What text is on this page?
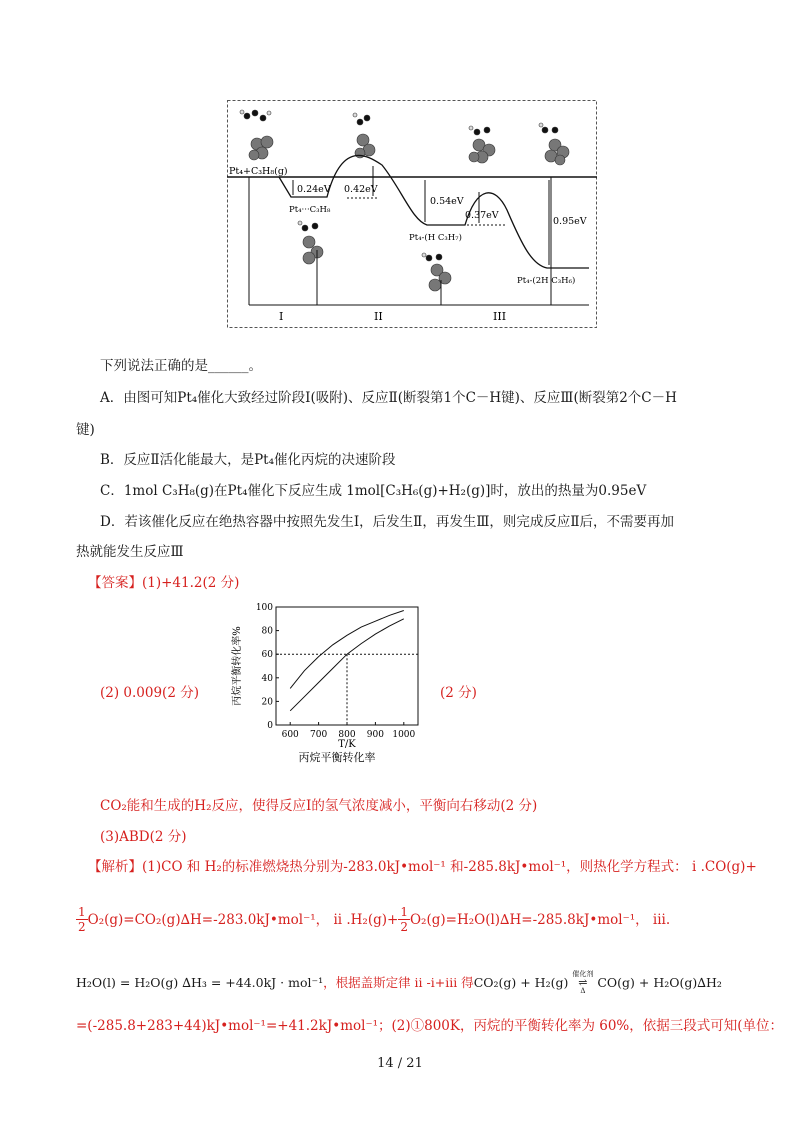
Pt₄+C₃H₈(g)
Pt₄···C₃H₈
Pt₄-(H C₃H₇)
Pt₄-(2H C₃H₆)
0.24eV 0.42eV
0.54eV
0.37eV
0.95eV
I	II	III
下列说法正确的是______。
A．由图可知Pt₄催化大致经过阶段Ⅰ(吸附)、反应Ⅱ(断裂第1个C－H键)、反应Ⅲ(断裂第2个C－H
键)
B．反应Ⅱ活化能最大，是Pt₄催化丙烷的决速阶段
C．1mol C₃H₈(g)在Pt₄催化下反应生成 1mol[C₃H₆(g)+H₂(g)]时，放出的热量为0.95eV
D．若该催化反应在绝热容器中按照先发生Ⅰ，后发生Ⅱ，再发生Ⅲ，则完成反应Ⅱ后，不需要再加
热就能发生反应Ⅲ
【答案】(1)+41.2(2 分)
(2) 0.009(2 分)	(2 分)
600 700 800 900 1000
0
20
40
60
80
100
T/K
丙烷平衡转化率
丙烷平衡转化率%
CO₂能和生成的H₂反应，使得反应Ⅰ的氢气浓度减小，平衡向右移动(2 分)
(3)ABD(2 分)
【解析】(1)CO 和 H₂的标准燃烧热分别为-283.0kJ•mol⁻¹ 和-285.8kJ•mol⁻¹，则热化学方程式： i .CO(g)+
$\frac{1}{2}$ O₂(g)=CO₂(g)∆H=-283.0kJ•mol⁻¹， ii $.H_2(g)+ \frac{1}{2}$ O₂(g)=H₂O(l)∆H=-285.8kJ•mol⁻¹， iii.
H₂O(l) = H₂O(g) ∆H₃ = +44.0kJ · mol⁻¹ ，根据盖斯定律 ii -i+iii 得 CO₂(g) + H₂(g)
催化剂
⇌
Δ
CO(g) + H₂O(g)∆H₂
=(-285.8+283+44)kJ•mol⁻¹=+41.2kJ•mol⁻¹；(2)①800K，丙烷的平衡转化率为 60%，依据三段式可知(单位：
14 / 21
